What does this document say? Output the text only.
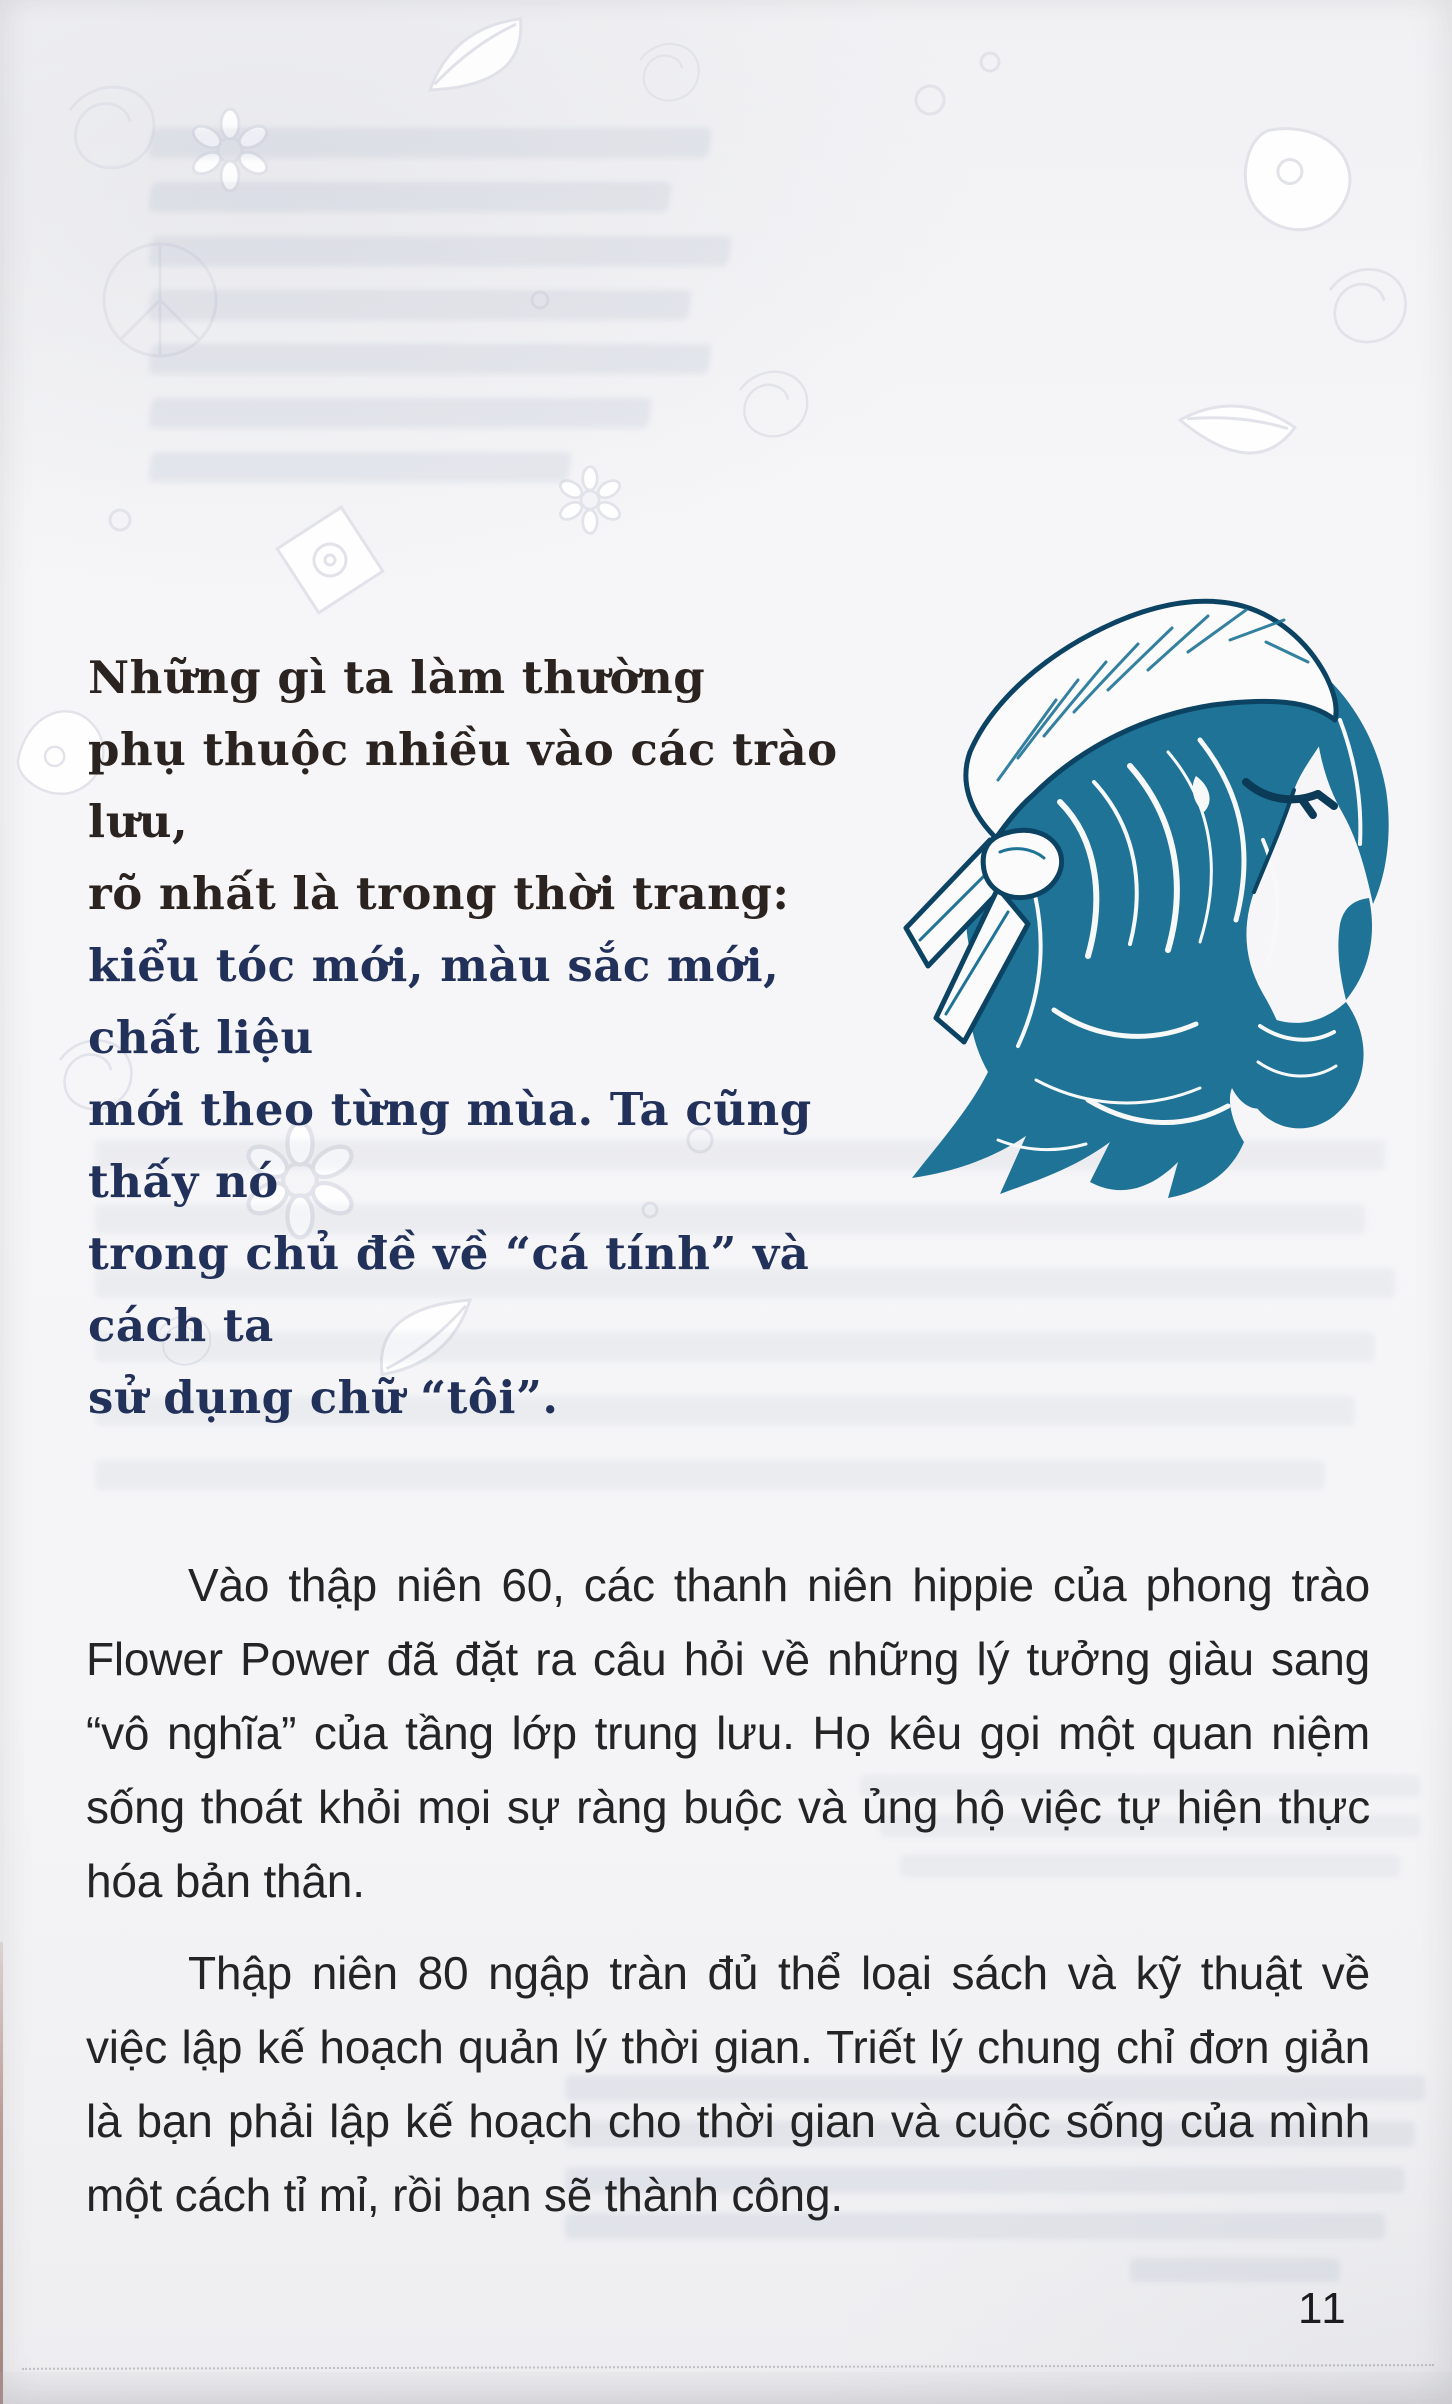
Những gì ta làm thường
phụ thuộc nhiều vào các trào lưu,
rõ nhất là trong thời trang:
kiểu tóc mới, màu sắc mới, chất liệu
mới theo từng mùa. Ta cũng thấy nó
trong chủ đề về “cá tính” và cách ta
sử dụng chữ “tôi”.

Vào thập niên 60, các thanh niên hippie của phong trào Flower Power đã đặt ra câu hỏi về những lý tưởng giàu sang “vô nghĩa” của tầng lớp trung lưu. Họ kêu gọi một quan niệm sống thoát khỏi mọi sự ràng buộc và ủng hộ việc tự hiện thực hóa bản thân.

Thập niên 80 ngập tràn đủ thể loại sách và kỹ thuật về việc lập kế hoạch quản lý thời gian. Triết lý chung chỉ đơn giản là bạn phải lập kế hoạch cho thời gian và cuộc sống của mình một cách tỉ mỉ, rồi bạn sẽ thành công.

11
